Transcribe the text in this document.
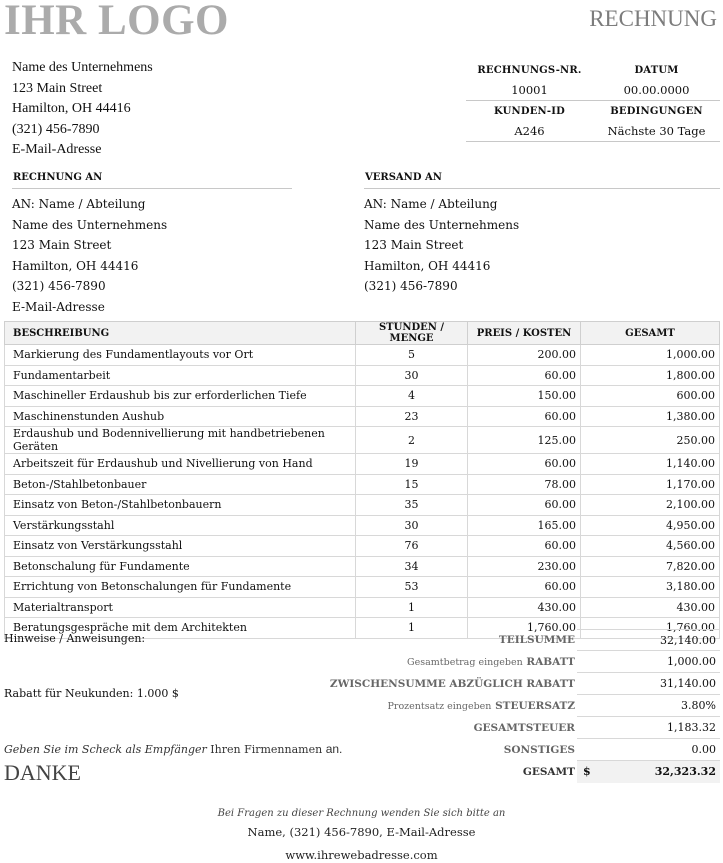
IHR LOGO	RECHNUNG
Name des Unternehmens
123 Main Street
Hamilton, OH 44416
(321) 456-7890
E-Mail-Adresse
RECHNUNGS-NR.	DATUM
10001	00.00.0000
KUNDEN-ID	BEDINGUNGEN
A246	Nächste 30 Tage
RECHNUNG AN
AN: Name / Abteilung
Name des Unternehmens
123 Main Street
Hamilton, OH 44416
(321) 456-7890
E-Mail-Adresse
VERSAND AN
AN: Name / Abteilung
Name des Unternehmens
123 Main Street
Hamilton, OH 44416
(321) 456-7890
BESCHREIBUNG	STUNDEN / MENGE	PREIS / KOSTEN	GESAMT
Markierung des Fundamentlayouts vor Ort	5	200.00	1,000.00
Fundamentarbeit	30	60.00	1,800.00
Maschineller Erdaushub bis zur erforderlichen Tiefe	4	150.00	600.00
Maschinenstunden Aushub	23	60.00	1,380.00
Erdaushub und Bodennivellierung mit handbetriebenen Geräten	2	125.00	250.00
Arbeitszeit für Erdaushub und Nivellierung von Hand	19	60.00	1,140.00
Beton-/Stahlbetonbauer	15	78.00	1,170.00
Einsatz von Beton-/Stahlbetonbauern	35	60.00	2,100.00
Verstärkungsstahl	30	165.00	4,950.00
Einsatz von Verstärkungsstahl	76	60.00	4,560.00
Betonschalung für Fundamente	34	230.00	7,820.00
Errichtung von Betonschalungen für Fundamente	53	60.00	3,180.00
Materialtransport	1	430.00	430.00
Beratungsgespräche mit dem Architekten	1	1,760.00	1,760.00
Hinweise / Anweisungen:
Rabatt für Neukunden: 1.000 $
Geben Sie im Scheck als Empfänger Ihren Firmennamen an.
DANKE
TEILSUMME	32,140.00
Gesamtbetrag eingeben RABATT	1,000.00
ZWISCHENSUMME ABZÜGLICH RABATT	31,140.00
Prozentsatz eingeben STEUERSATZ	3.80%
GESAMTSTEUER	1,183.32
SONSTIGES	0.00
GESAMT $	32,323.32
Bei Fragen zu dieser Rechnung wenden Sie sich bitte an
Name, (321) 456-7890, E-Mail-Adresse
www.ihrewebadresse.com
